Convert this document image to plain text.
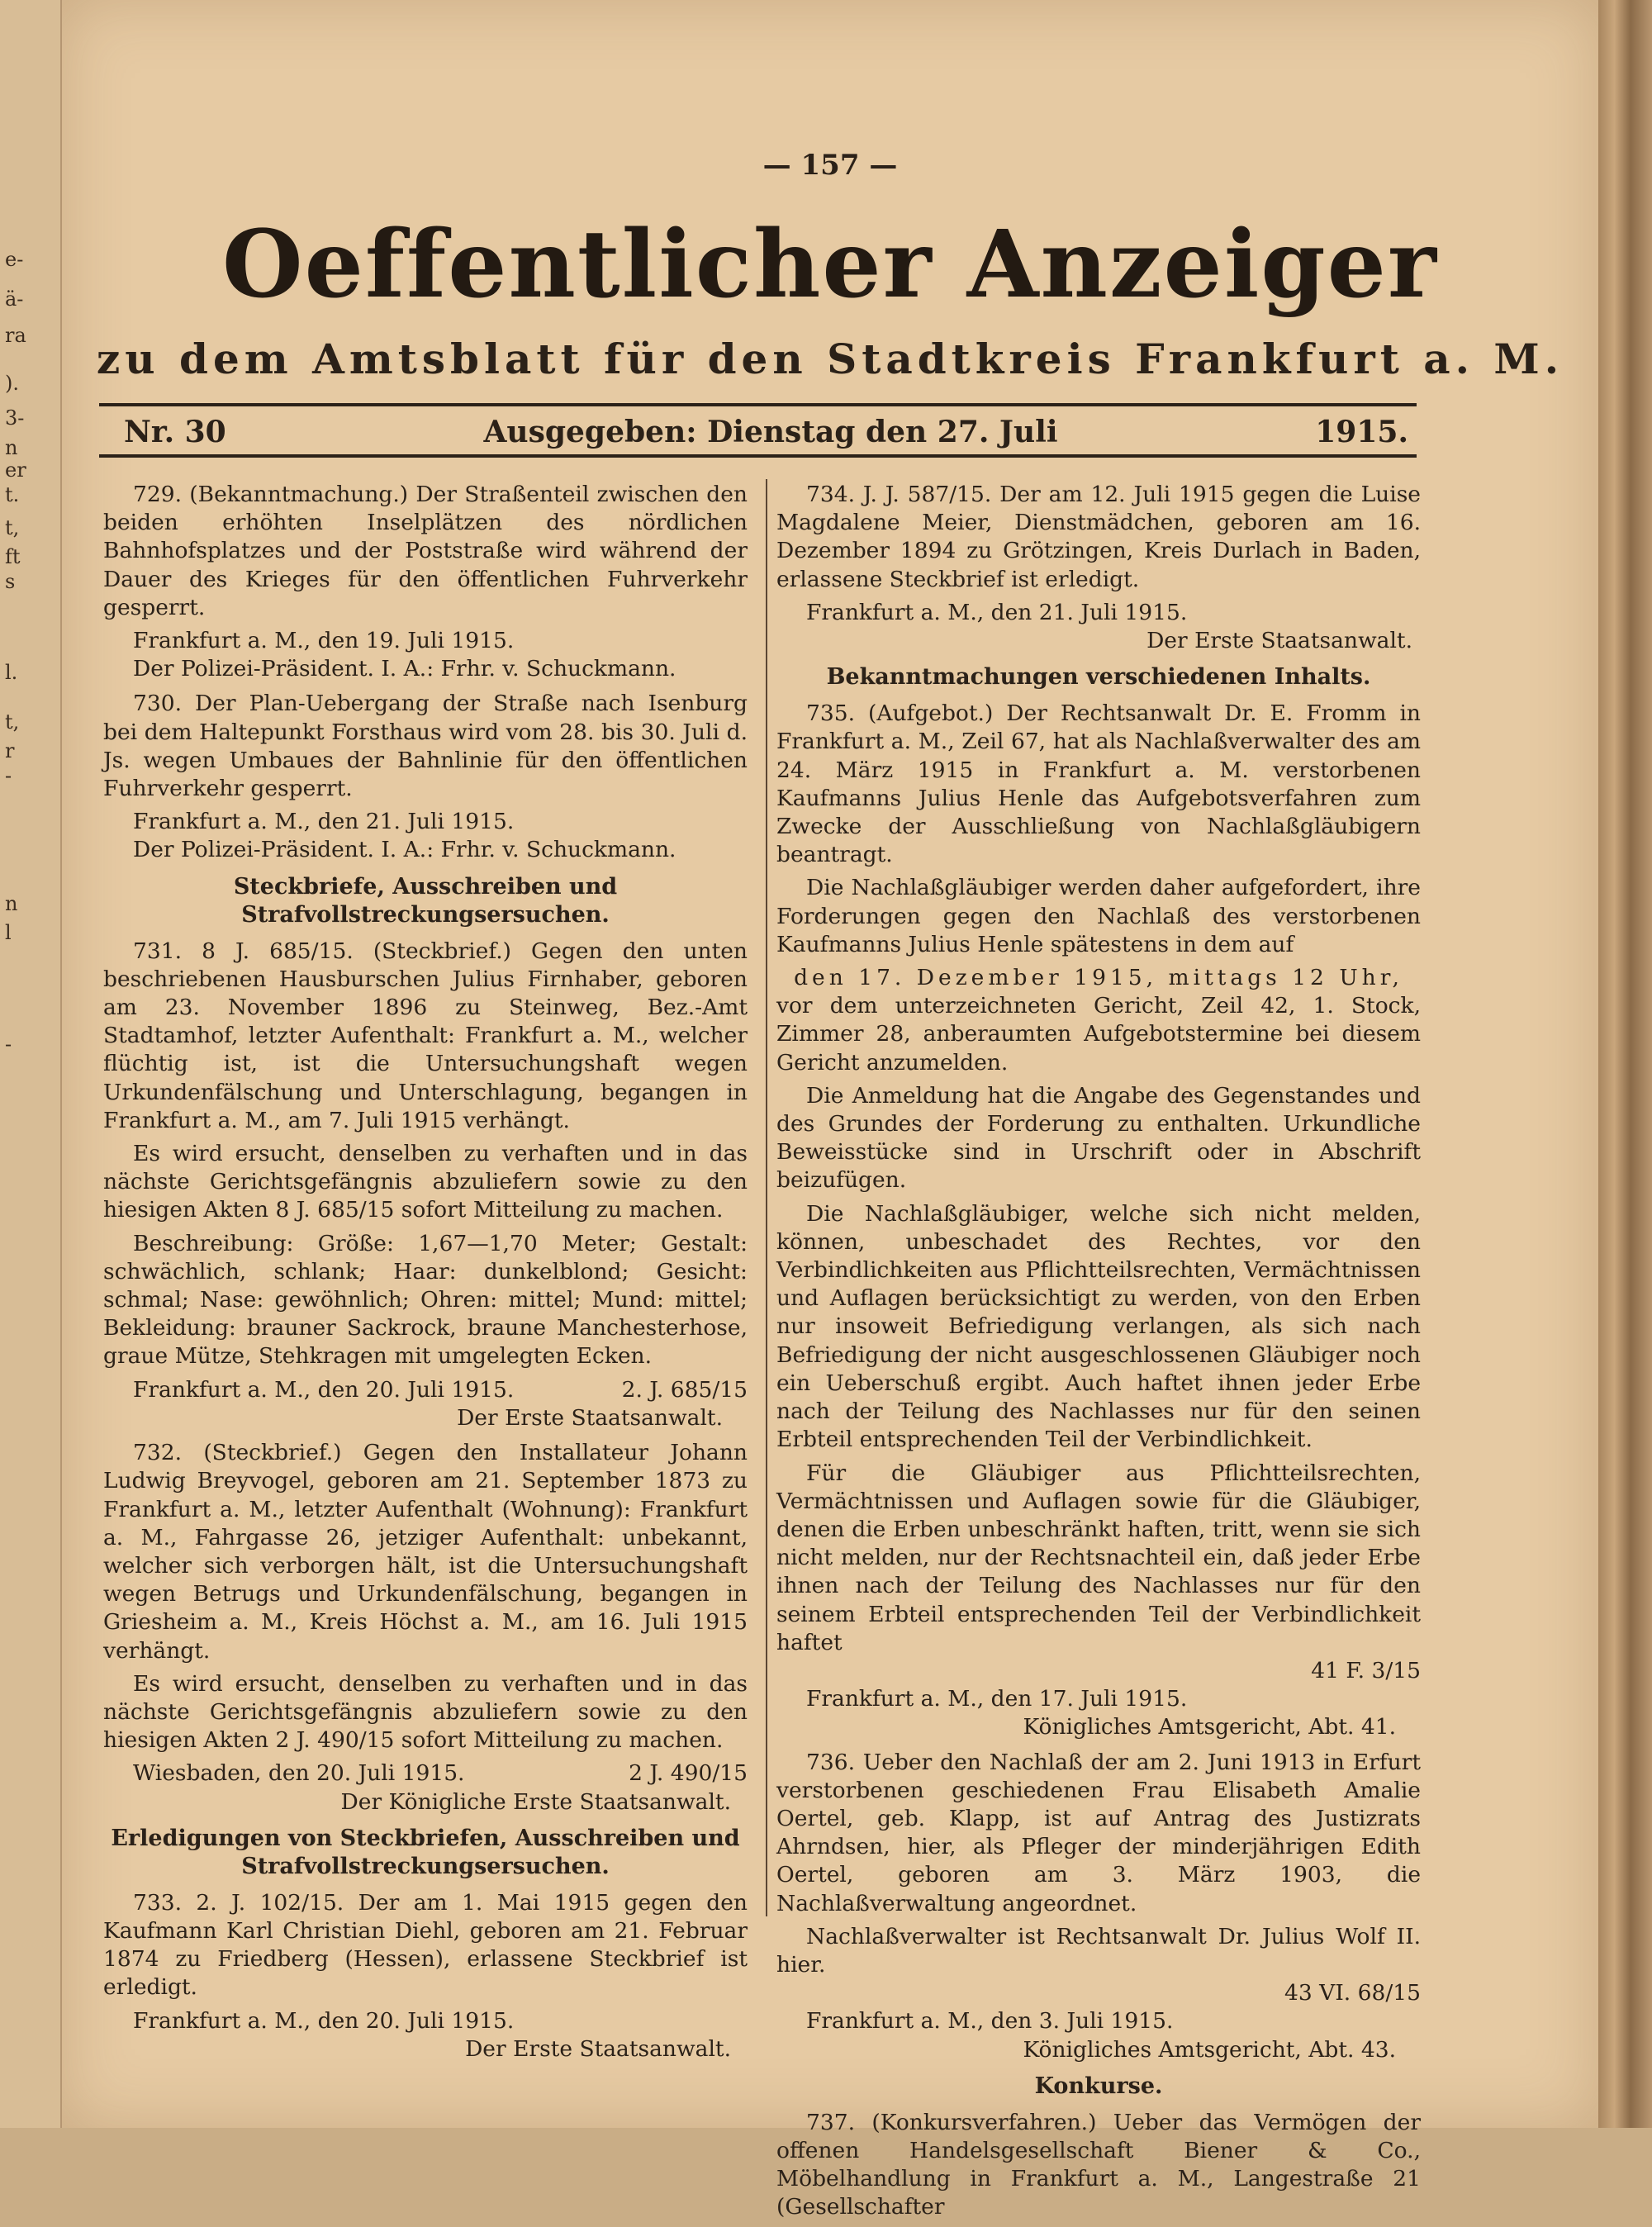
e-
ä-
ra
).
3-
n
er
t.
t,
ft
s
l.
t,
r
-
n
l
-
— 157 —
Oeffentlicher Anzeiger
zu dem Amtsblatt für den Stadtkreis Frankfurt a. M.
Nr. 30	Ausgegeben: Dienstag den 27. Juli	1915.

729. (Bekanntmachung.) Der Straßenteil zwischen den beiden erhöhten Inselplätzen des nördlichen Bahnhofsplatzes und der Poststraße wird während der Dauer des Krieges für den öffentlichen Fuhrverkehr gesperrt.

Frankfurt a. M., den 19. Juli 1915.
Der Polizei-Präsident. I. A.: Frhr. v. Schuckmann.

730. Der Plan-Uebergang der Straße nach Isenburg bei dem Haltepunkt Forsthaus wird vom 28. bis 30. Juli d. Js. wegen Umbaues der Bahnlinie für den öffentlichen Fuhrverkehr gesperrt.

Frankfurt a. M., den 21. Juli 1915.
Der Polizei-Präsident. I. A.: Frhr. v. Schuckmann.
Steckbriefe, Ausschreiben und Strafvollstreckungsersuchen.

731. 8 J. 685/15. (Steckbrief.) Gegen den unten beschriebenen Hausburschen Julius Firnhaber, geboren am 23. November 1896 zu Steinweg, Bez.-Amt Stadtamhof, letzter Aufenthalt: Frankfurt a. M., welcher flüchtig ist, ist die Untersuchungshaft wegen Urkundenfälschung und Unterschlagung, begangen in Frankfurt a. M., am 7. Juli 1915 verhängt.

Es wird ersucht, denselben zu verhaften und in das nächste Gerichtsgefängnis abzuliefern sowie zu den hiesigen Akten 8 J. 685/15 sofort Mitteilung zu machen.

Beschreibung: Größe: 1,67—1,70 Meter; Gestalt: schwächlich, schlank; Haar: dunkelblond; Gesicht: schmal; Nase: gewöhnlich; Ohren: mittel; Mund: mittel; Bekleidung: brauner Sackrock, braune Manchesterhose, graue Mütze, Stehkragen mit umgelegten Ecken.

Frankfurt a. M., den 20. Juli 1915.	2. J. 685/15

Der Erste Staatsanwalt.

732. (Steckbrief.) Gegen den Installateur Johann Ludwig Breyvogel, geboren am 21. September 1873 zu Frankfurt a. M., letzter Aufenthalt (Wohnung): Frankfurt a. M., Fahrgasse 26, jetziger Aufenthalt: unbekannt, welcher sich verborgen hält, ist die Untersuchungshaft wegen Betrugs und Urkundenfälschung, begangen in Griesheim a. M., Kreis Höchst a. M., am 16. Juli 1915 verhängt.

Es wird ersucht, denselben zu verhaften und in das nächste Gerichtsgefängnis abzuliefern sowie zu den hiesigen Akten 2 J. 490/15 sofort Mitteilung zu machen.

Wiesbaden, den 20. Juli 1915.	2 J. 490/15

Der Königliche Erste Staatsanwalt.

Erledigungen von Steckbriefen, Ausschreiben und Strafvollstreckungsersuchen.

733. 2. J. 102/15. Der am 1. Mai 1915 gegen den Kaufmann Karl Christian Diehl, geboren am 21. Februar 1874 zu Friedberg (Hessen), erlassene Steckbrief ist erledigt.

Frankfurt a. M., den 20. Juli 1915.

Der Erste Staatsanwalt.

734. J. J. 587/15. Der am 12. Juli 1915 gegen die Luise Magdalene Meier, Dienstmädchen, geboren am 16. Dezember 1894 zu Grötzingen, Kreis Durlach in Baden, erlassene Steckbrief ist erledigt.

Frankfurt a. M., den 21. Juli 1915.

Der Erste Staatsanwalt.

Bekanntmachungen verschiedenen Inhalts.

735. (Aufgebot.) Der Rechtsanwalt Dr. E. Fromm in Frankfurt a. M., Zeil 67, hat als Nachlaßverwalter des am 24. März 1915 in Frankfurt a. M. verstorbenen Kaufmanns Julius Henle das Aufgebotsverfahren zum Zwecke der Ausschließung von Nachlaßgläubigern beantragt.

Die Nachlaßgläubiger werden daher aufgefordert, ihre Forderungen gegen den Nachlaß des verstorbenen Kaufmanns Julius Henle spätestens in dem auf

den 17. Dezember 1915, mittags 12 Uhr,

vor dem unterzeichneten Gericht, Zeil 42, 1. Stock, Zimmer 28, anberaumten Aufgebotstermine bei diesem Gericht anzumelden.

Die Anmeldung hat die Angabe des Gegenstandes und des Grundes der Forderung zu enthalten. Urkundliche Beweisstücke sind in Urschrift oder in Abschrift beizufügen.

Die Nachlaßgläubiger, welche sich nicht melden, können, unbeschadet des Rechtes, vor den Verbindlichkeiten aus Pflichtteilsrechten, Vermächtnissen und Auflagen berücksichtigt zu werden, von den Erben nur insoweit Befriedigung verlangen, als sich nach Befriedigung der nicht ausgeschlossenen Gläubiger noch ein Ueberschuß ergibt. Auch haftet ihnen jeder Erbe nach der Teilung des Nachlasses nur für den seinen Erbteil entsprechenden Teil der Verbindlichkeit.

Für die Gläubiger aus Pflichtteilsrechten, Vermächtnissen und Auflagen sowie für die Gläubiger, denen die Erben unbeschränkt haften, tritt, wenn sie sich nicht melden, nur der Rechtsnachteil ein, daß jeder Erbe ihnen nach der Teilung des Nachlasses nur für den seinem Erbteil entsprechenden Teil der Verbindlichkeit haftet

41 F. 3/15

Frankfurt a. M., den 17. Juli 1915.

Königliches Amtsgericht, Abt. 41.

736. Ueber den Nachlaß der am 2. Juni 1913 in Erfurt verstorbenen geschiedenen Frau Elisabeth Amalie Oertel, geb. Klapp, ist auf Antrag des Justizrats Ahrndsen, hier, als Pfleger der minderjährigen Edith Oertel, geboren am 3. März 1903, die Nachlaßverwaltung angeordnet.

Nachlaßverwalter ist Rechtsanwalt Dr. Julius Wolf II. hier.

43 VI. 68/15

Frankfurt a. M., den 3. Juli 1915.

Königliches Amtsgericht, Abt. 43.

Konkurse.

737. (Konkursverfahren.) Ueber das Vermögen der offenen Handelsgesellschaft Biener & Co., Möbelhandlung in Frankfurt a. M., Langestraße 21 (Gesellschafter
